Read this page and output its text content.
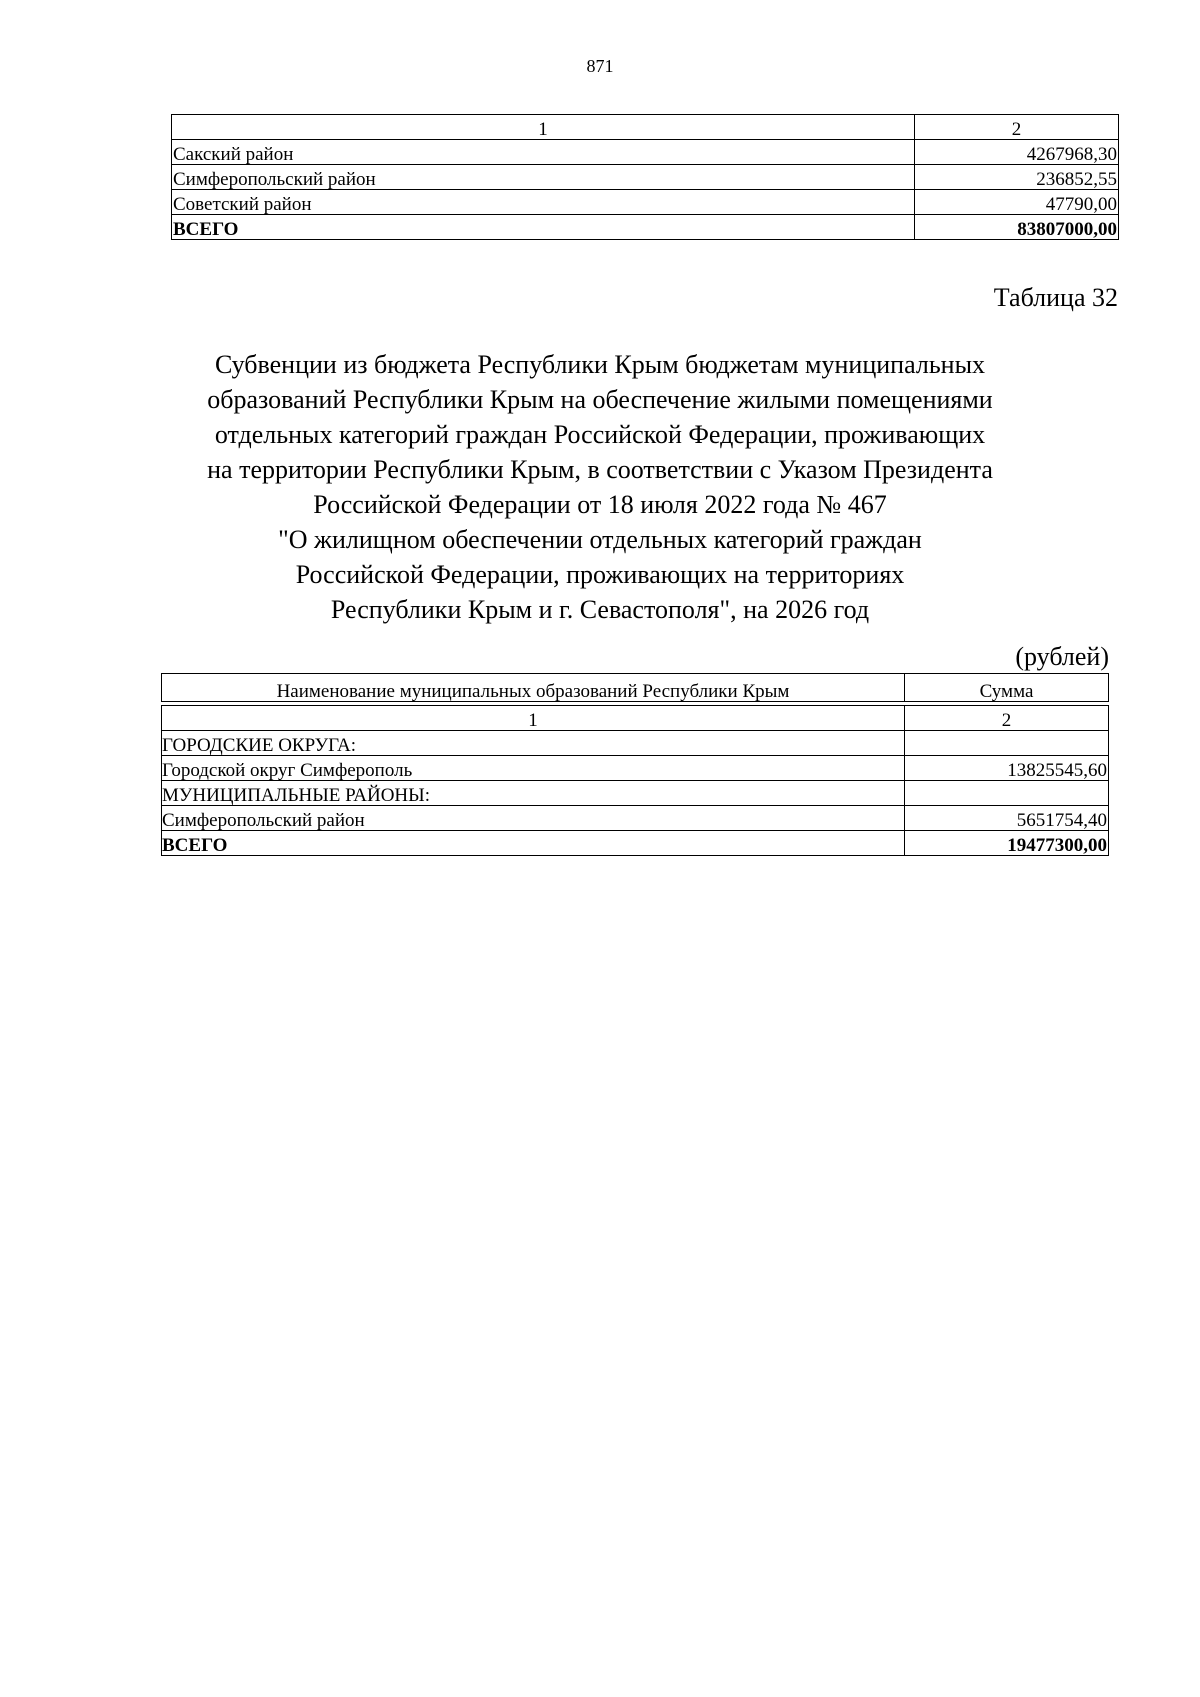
871
1	2
Сакский район	4267968,30
Симферопольский район	236852,55
Советский район	47790,00
ВСЕГО	83807000,00
Таблица 32
Субвенции из бюджета Республики Крым бюджетам муниципальных
образований Республики Крым на обеспечение жилыми помещениями
отдельных категорий граждан Российской Федерации, проживающих
на территории Республики Крым, в соответствии с Указом Президента
Российской Федерации от 18 июля 2022 года № 467
"О жилищном обеспечении отдельных категорий граждан
Российской Федерации, проживающих на территориях
Республики Крым и г. Севастополя", на 2026 год
(рублей)
Наименование муниципальных образований Республики Крым	Сумма

1	2
ГОРОДСКИЕ ОКРУГА:	
Городской округ Симферополь	13825545,60
МУНИЦИПАЛЬНЫЕ РАЙОНЫ:	
Симферопольский район	5651754,40
ВСЕГО	19477300,00
